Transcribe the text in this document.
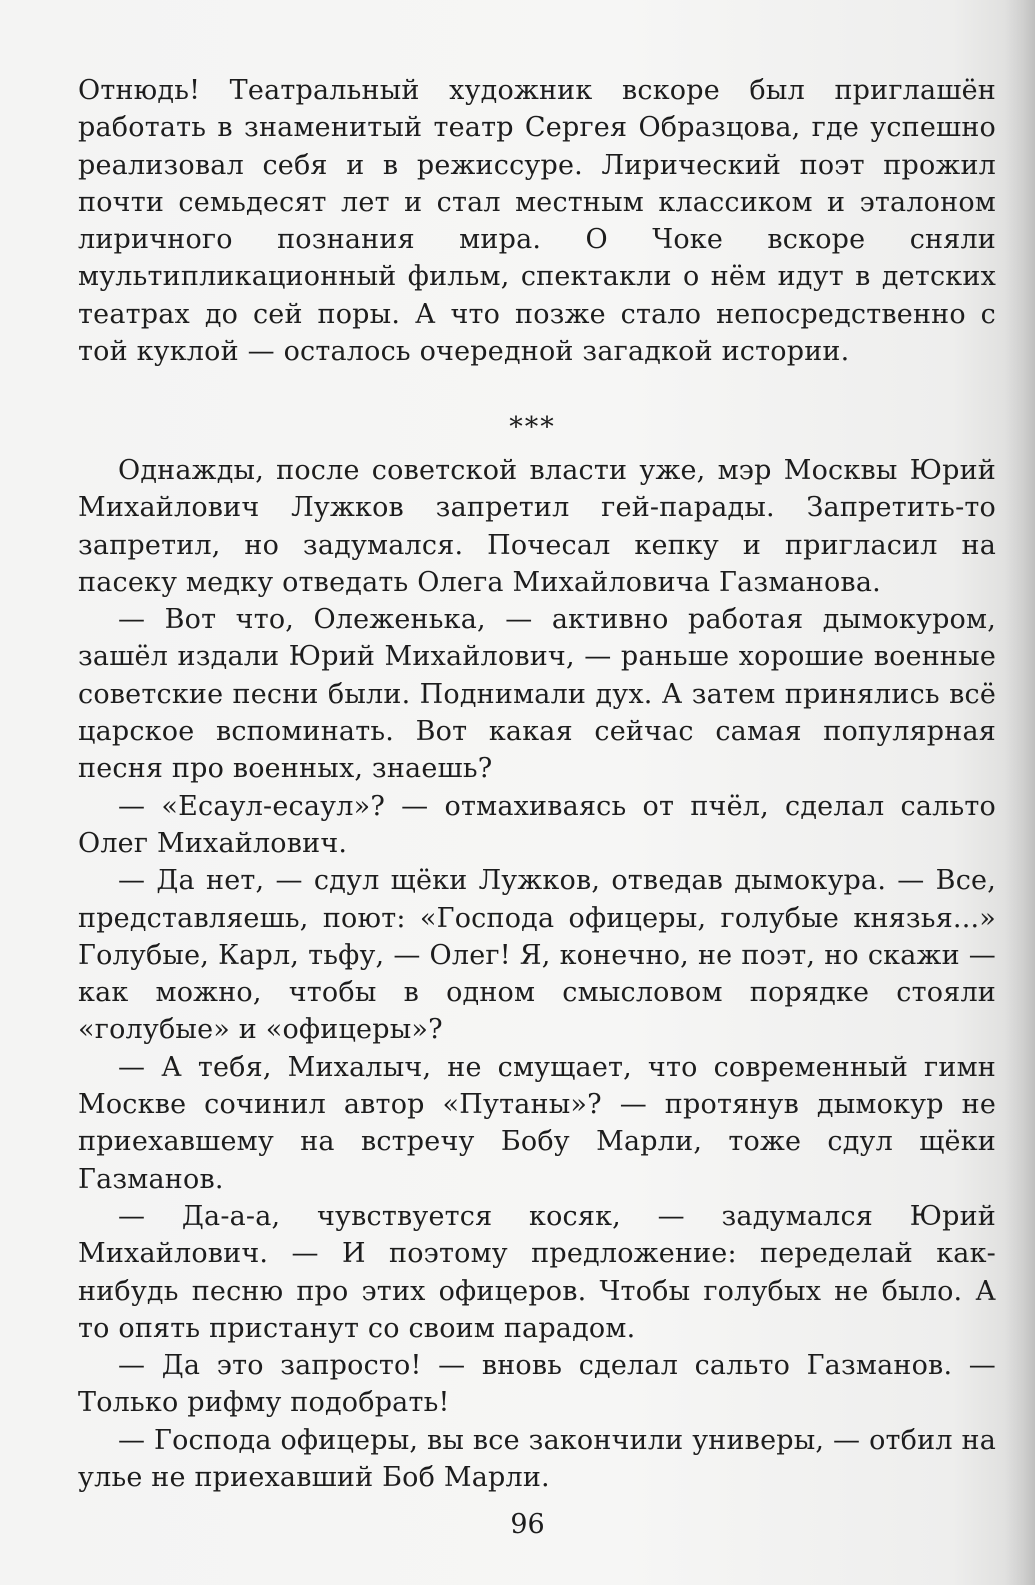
Отнюдь! Театральный художник вскоре был приглашён работать в знаменитый театр Сергея Образцова, где успешно реализовал себя и в режиссуре. Лирический поэт прожил почти семьдесят лет и стал местным классиком и эталоном лиричного познания мира. О Чоке вскоре сняли мультипликационный фильм, спектакли о нём идут в детских театрах до сей поры. А что позже стало непосредственно с той куклой — осталось очередной загадкой истории.

***

Однажды, после советской власти уже, мэр Москвы Юрий Михайлович Лужков запретил гей-парады. Запретить-то запретил, но задумался. Почесал кепку и пригласил на пасеку медку отведать Олега Михайловича Газманова.

— Вот что, Олеженька, — активно работая дымокуром, зашёл издали Юрий Михайлович, — раньше хорошие военные советские песни были. Поднимали дух. А затем принялись всё царское вспоминать. Вот какая сейчас самая популярная песня про военных, знаешь?

— «Есаул-есаул»? — отмахиваясь от пчёл, сделал сальто Олег Михайлович.

— Да нет, — сдул щёки Лужков, отведав дымокура. — Все, представляешь, поют: «Господа офицеры, голубые князья...» Голубые, Карл, тьфу, — Олег! Я, конечно, не поэт, но скажи — как можно, чтобы в одном смысловом порядке стояли «голубые» и «офицеры»?

— А тебя, Михалыч, не смущает, что современный гимн Москве сочинил автор «Путаны»? — протянув дымокур не приехавшему на встречу Бобу Марли, тоже сдул щёки Газманов.

— Да-а-а, чувствуется косяк, — задумался Юрий Михайлович. — И поэтому предложение: переделай как-нибудь песню про этих офицеров. Чтобы голубых не было. А то опять пристанут со своим парадом.

— Да это запросто! — вновь сделал сальто Газманов. — Только рифму подобрать!

— Господа офицеры, вы все закончили универы, — отбил на улье не приехавший Боб Марли.

96
